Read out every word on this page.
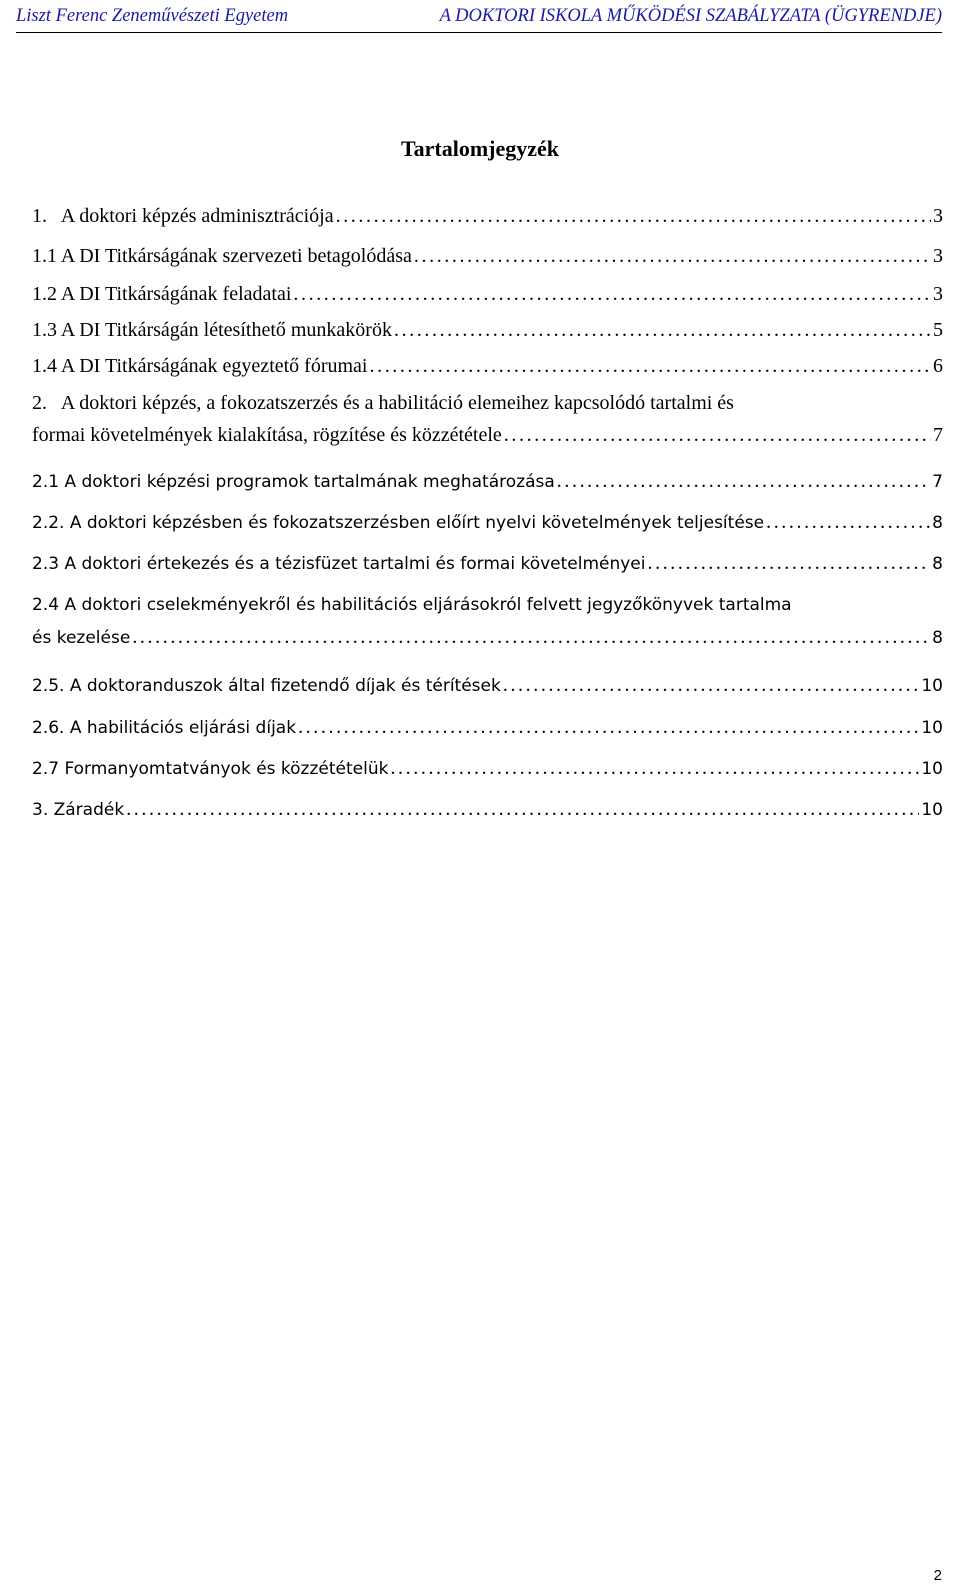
Liszt Ferenc Zeneművészeti Egyetem	A DOKTORI ISKOLA MŰKÖDÉSI SZABÁLYZATA (ÜGYRENDJE)
Tartalomjegyzék
1.   A doktori képzés adminisztrációja . . .	3
1.1 A DI Titkárságának szervezeti betagolódása . . .	3
1.2 A DI Titkárságának feladatai . . .	3
1.3 A DI Titkárságán létesíthető munkakörök . . .	5
1.4 A DI Titkárságának egyeztető fórumai . . .	6
2.   A doktori képzés, a fokozatszerzés és a habilitáció elemeihez kapcsolódó tartalmi és
formai követelmények kialakítása, rögzítése és közzététele . . .	7
2.1 A doktori képzési programok tartalmának meghatározása . . .	7
2.2. A doktori képzésben és fokozatszerzésben előírt nyelvi követelmények teljesítése . . .	8
2.3 A doktori értekezés és a tézisfüzet tartalmi és formai követelményei . . .	8
2.4 A doktori cselekményekről és habilitációs eljárásokról felvett jegyzőkönyvek tartalma
és kezelése . . .	8
2.5. A doktoranduszok által fizetendő díjak és térítések . . .	10
2.6. A habilitációs eljárási díjak . . .	10
2.7 Formanyomtatványok és közzétételük . . .	10
3. Záradék . . .	10
2
